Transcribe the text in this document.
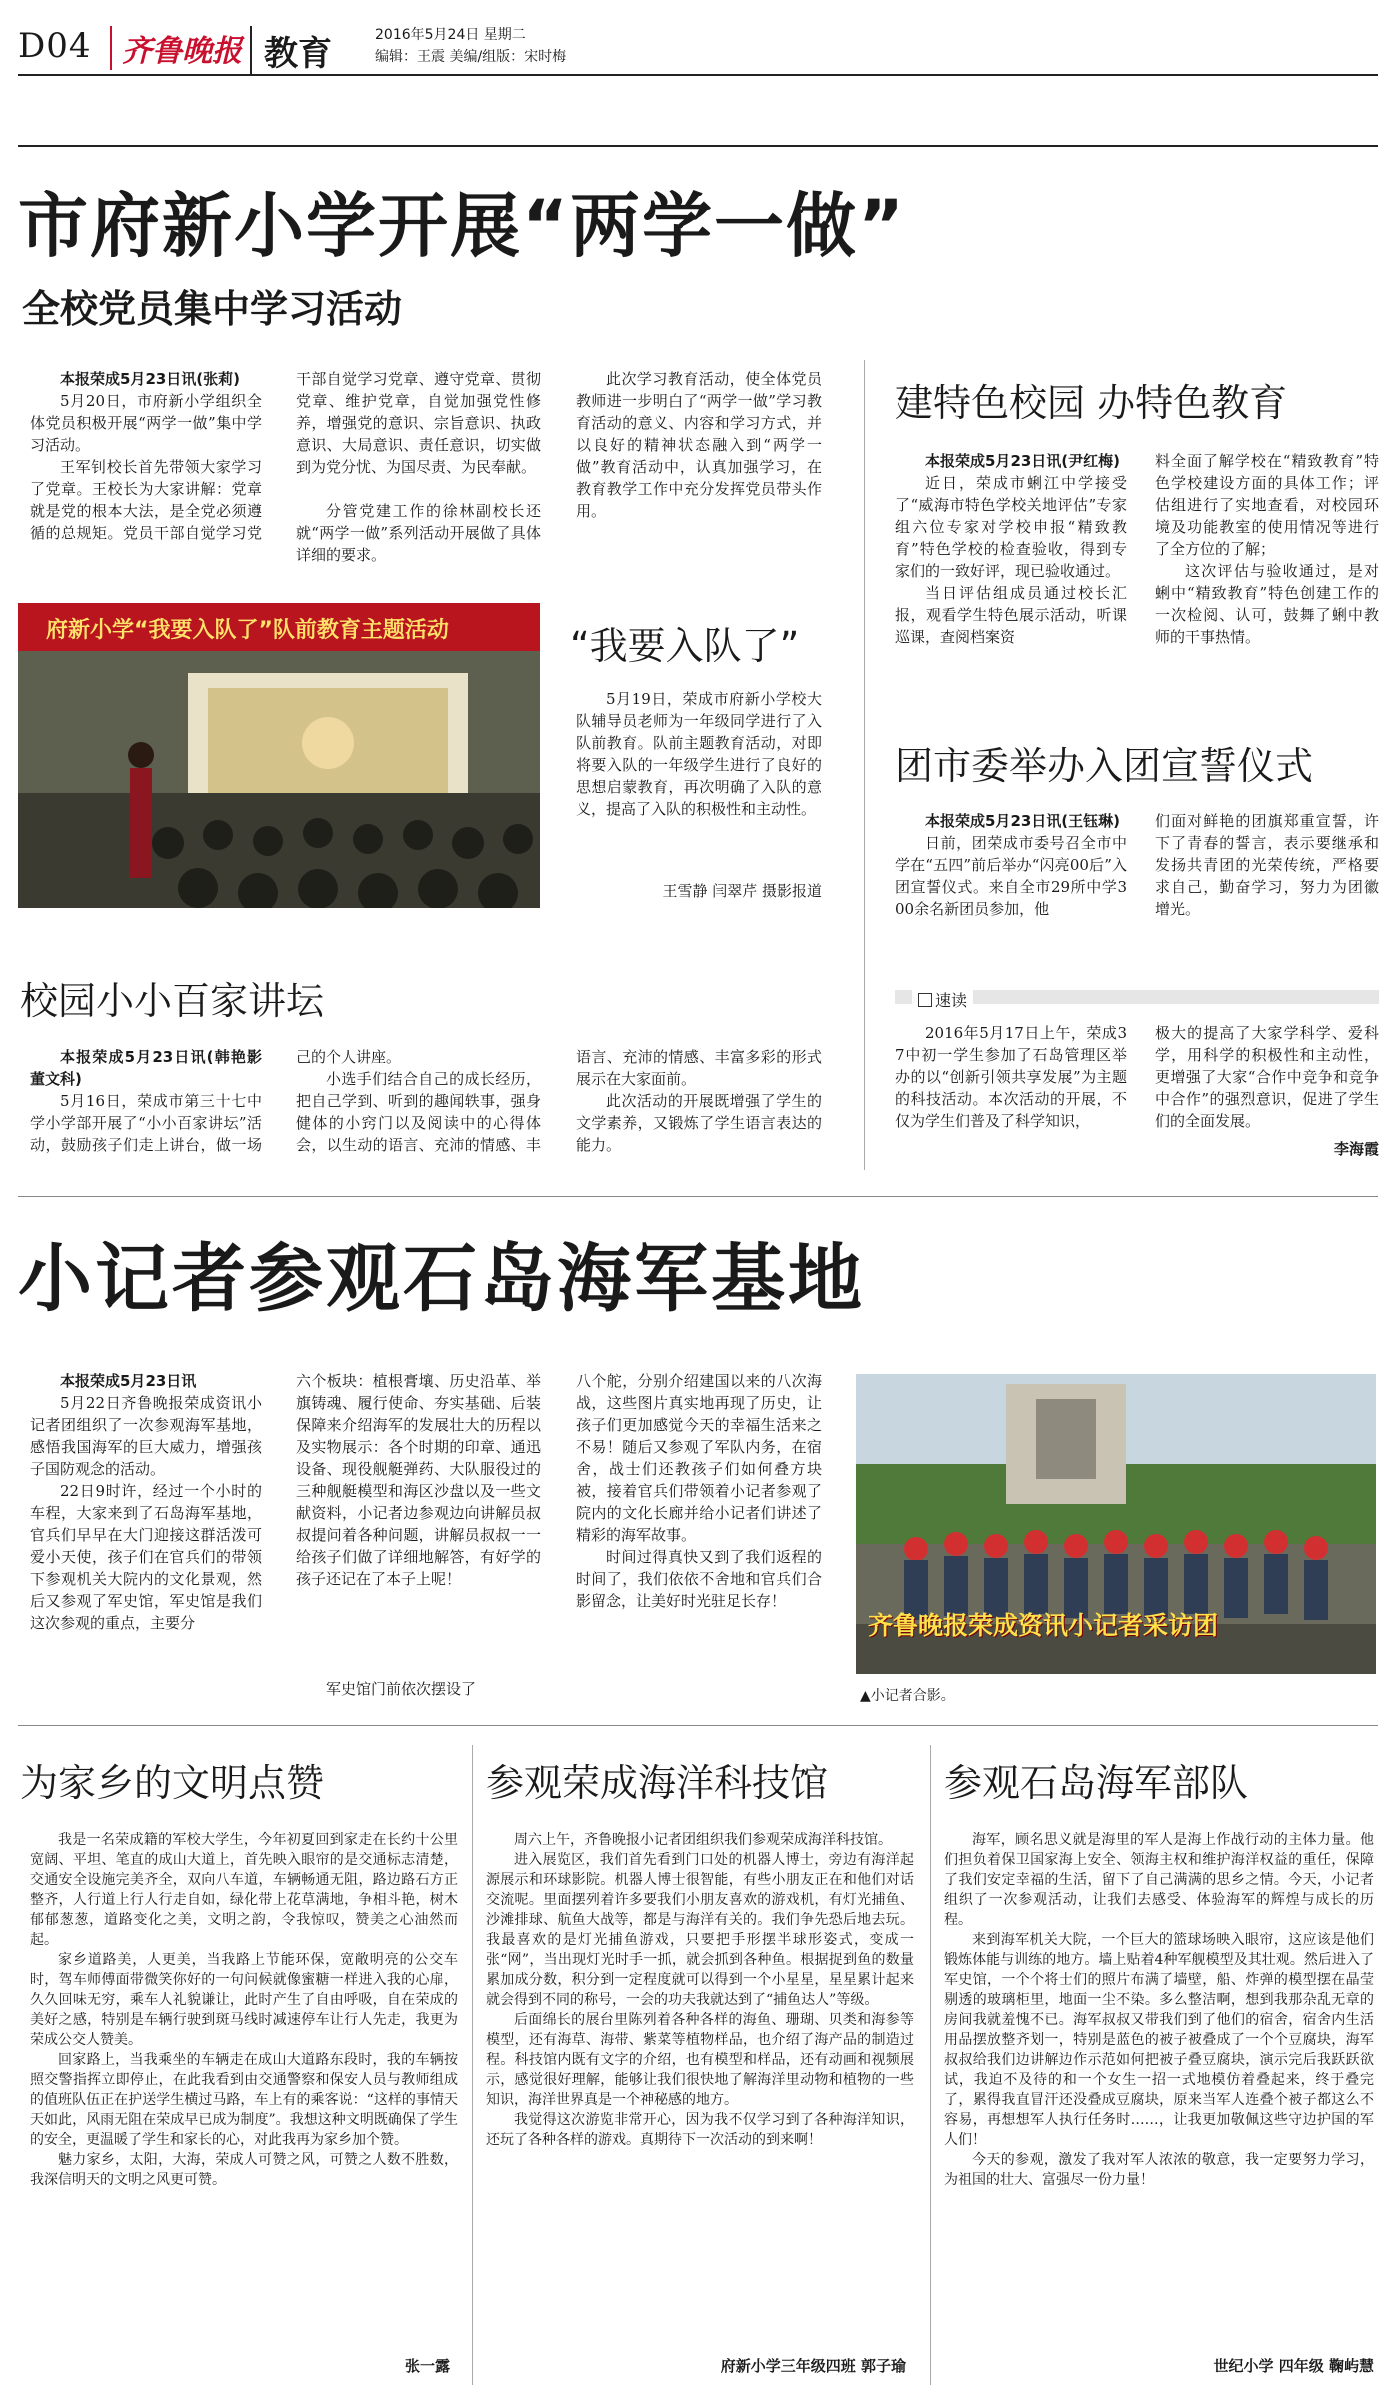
D04	齐鲁晚报 教育	2016年5月24日 星期二
编辑：王震 美编/组版：宋时梅
市府新小学开展“两学一做”
全校党员集中学习活动

本报荣成5月23日讯(张莉)

5月20日，市府新小学组织全体党员积极开展“两学一做”集中学习活动。

王军钊校长首先带领大家学习了党章。王校长为大家讲解：党章就是党的根本大法，是全党必须遵循的总规矩。党员干部自觉学习党

干部自觉学习党章、遵守党章、贯彻党章、维护党章，自觉加强党性修养，增强党的意识、宗旨意识、执政意识、大局意识、责任意识，切实做到为党分忧、为国尽责、为民奉献。

分管党建工作的徐林副校长还就“两学一做”系列活动开展做了具体详细的要求。

此次学习教育活动，使全体党员教师进一步明白了“两学一做”学习教育活动的意义、内容和学习方式，并以良好的精神状态融入到“两学一做”教育活动中，认真加强学习，在教育教学工作中充分发挥党员带头作用。

府新小学“我要入队了”队前教育主题活动	“我要入队了”

5月19日，荣成市府新小学校大队辅导员老师为一年级同学进行了入队前教育。队前主题教育活动，对即将要入队的一年级学生进行了良好的思想启蒙教育，再次明确了入队的意义，提高了入队的积极性和主动性。

王雪静 闫翠芹 摄影报道
校园小小百家讲坛

本报荣成5月23日讯(韩艳影 董文科)

5月16日，荣成市第三十七中学小学部开展了“小小百家讲坛”活动，鼓励孩子们走上讲台，做一场

己的个人讲座。

小选手们结合自己的成长经历，把自己学到、听到的趣闻轶事，强身健体的小窍门以及阅读中的心得体会，以生动的语言、充沛的情感、丰

语言、充沛的情感、丰富多彩的形式展示在大家面前。

此次活动的开展既增强了学生的文学素养，又锻炼了学生语言表达的能力。

建特色校园 办特色教育

本报荣成5月23日讯(尹红梅)

近日，荣成市蜊江中学接受了“威海市特色学校关地评估”专家组六位专家对学校申报“精致教育”特色学校的检查验收，得到专家们的一致好评，现已验收通过。

当日评估组成员通过校长汇报，观看学生特色展示活动，听课巡课，查阅档案资

料全面了解学校在“精致教育”特色学校建设方面的具体工作；评估组进行了实地查看，对校园环境及功能教室的使用情况等进行了全方位的了解；

这次评估与验收通过，是对蜊中“精致教育”特色创建工作的一次检阅、认可，鼓舞了蜊中教师的干事热情。

团市委举办入团宣誓仪式

本报荣成5月23日讯(王钰琳)

日前，团荣成市委号召全市中学在“五四”前后举办“闪亮00后”入团宣誓仪式。来自全市29所中学300余名新团员参加，他

们面对鲜艳的团旗郑重宣誓，许下了青春的誓言，表示要继承和发扬共青团的光荣传统，严格要求自己，勤奋学习，努力为团徽增光。

速读

2016年5月17日上午，荣成37中初一学生参加了石岛管理区举办的以“创新引领共享发展”为主题的科技活动。本次活动的开展，不仅为学生们普及了科学知识，

极大的提高了大家学科学、爱科学，用科学的积极性和主动性，更增强了大家“合作中竞争和竞争中合作”的强烈意识，促进了学生们的全面发展。

李海霞
小记者参观石岛海军基地

本报荣成5月23日讯

5月22日齐鲁晚报荣成资讯小记者团组织了一次参观海军基地，感悟我国海军的巨大威力，增强孩子国防观念的活动。

22日9时许，经过一个小时的车程，大家来到了石岛海军基地，官兵们早早在大门迎接这群活泼可爱小天使，孩子们在官兵们的带领下参观机关大院内的文化景观，然后又参观了军史馆，军史馆是我们这次参观的重点，主要分

六个板块：植根膏壤、历史沿革、举旗铸魂、履行使命、夯实基础、后装保障来介绍海军的发展壮大的历程以及实物展示：各个时期的印章、通迅设备、现役舰艇弹药、大队服役过的三种舰艇模型和海区沙盘以及一些文献资料，小记者边参观边向讲解员叔叔提问着各种问题，讲解员叔叔一一给孩子们做了详细地解答，有好学的孩子还记在了本子上呢！

军史馆门前依次摆设了

八个舵，分别介绍建国以来的八次海战，这些图片真实地再现了历史，让孩子们更加感觉今天的幸福生活来之不易！随后又参观了军队内务，在宿舍，战士们还教孩子们如何叠方块被，接着官兵们带领着小记者参观了院内的文化长廊并给小记者们讲述了精彩的海军故事。

时间过得真快又到了我们返程的时间了，我们依依不舍地和官兵们合影留念，让美好时光驻足长存！

齐鲁晚报荣成资讯小记者采访团
▲小记者合影。
为家乡的文明点赞

我是一名荣成籍的军校大学生，今年初夏回到家走在长约十公里宽阔、平坦、笔直的成山大道上，首先映入眼帘的是交通标志清楚，交通安全设施完美齐全，双向八车道，车辆畅通无阻，路边路石方正整齐，人行道上行人行走自如，绿化带上花草满地，争相斗艳，树木郁郁葱葱，道路变化之美，文明之韵，令我惊叹，赞美之心油然而起。

家乡道路美，人更美，当我路上节能环保，宽敞明亮的公交车时，驾车师傅面带微笑你好的一句问候就像蜜糖一样进入我的心扉，久久回味无穷，乘车人礼貌谦让，此时产生了自由呼吸，自在荣成的美好之感，特别是车辆行驶到斑马线时减速停车让行人先走，我更为荣成公交人赞美。

回家路上，当我乘坐的车辆走在成山大道路东段时，我的车辆按照交警指挥立即停止，在此我看到由交通警察和保安人员与教师组成的值班队伍正在护送学生横过马路，车上有的乘客说：“这样的事情天天如此，风雨无阻在荣成早已成为制度”。我想这种文明既确保了学生的安全，更温暖了学生和家长的心，对此我再为家乡加个赞。

魅力家乡，太阳，大海，荣成人可赞之风，可赞之人数不胜数，我深信明天的文明之风更可赞。

张一露
参观荣成海洋科技馆

周六上午，齐鲁晚报小记者团组织我们参观荣成海洋科技馆。

进入展览区，我们首先看到门口处的机器人博士，旁边有海洋起源展示和环球影院。机器人博士很智能，有些小朋友正在和他们对话交流呢。里面摆列着许多要我们小朋友喜欢的游戏机，有灯光捕鱼、沙滩排球、航鱼大战等，都是与海洋有关的。我们争先恐后地去玩。我最喜欢的是灯光捕鱼游戏，只要把手形摆半球形姿式，变成一张“网”，当出现灯光时手一抓，就会抓到各种鱼。根据捉到鱼的数量累加成分数，积分到一定程度就可以得到一个小星星，星星累计起来就会得到不同的称号，一会的功夫我就达到了“捕鱼达人”等级。

后面绵长的展台里陈列着各种各样的海鱼、珊瑚、贝类和海参等模型，还有海草、海带、紫菜等植物样品，也介绍了海产品的制造过程。科技馆内既有文字的介绍，也有模型和样品，还有动画和视频展示，感觉很好理解，能够让我们很快地了解海洋里动物和植物的一些知识，海洋世界真是一个神秘感的地方。

我觉得这次游览非常开心，因为我不仅学习到了各种海洋知识，还玩了各种各样的游戏。真期待下一次活动的到来啊！

府新小学三年级四班 郭子瑜
参观石岛海军部队

海军，顾名思义就是海里的军人是海上作战行动的主体力量。他们担负着保卫国家海上安全、领海主权和维护海洋权益的重任，保障了我们安定幸福的生活，留下了自己满满的思乡之情。今天，小记者组织了一次参观活动，让我们去感受、体验海军的辉煌与成长的历程。

来到海军机关大院，一个巨大的篮球场映入眼帘，这应该是他们锻炼体能与训练的地方。墙上贴着4种军舰模型及其壮观。然后进入了军史馆，一个个将士们的照片布满了墙壁，船、炸弹的模型摆在晶莹剔透的玻璃柜里，地面一尘不染。多么整洁啊，想到我那杂乱无章的房间我就羞愧不已。海军叔叔又带我们到了他们的宿舍，宿舍内生活用品摆放整齐划一，特别是蓝色的被子被叠成了一个个豆腐块，海军叔叔给我们边讲解边作示范如何把被子叠豆腐块，演示完后我跃跃欲试，我迫不及待的和一个女生一招一式地模仿着叠起来，终于叠完了，累得我直冒汗还没叠成豆腐块，原来当军人连叠个被子都这么不容易，再想想军人执行任务时……，让我更加敬佩这些守边护国的军人们！

今天的参观，激发了我对军人浓浓的敬意，我一定要努力学习，为祖国的壮大、富强尽一份力量！

世纪小学 四年级 鞠屿慧
